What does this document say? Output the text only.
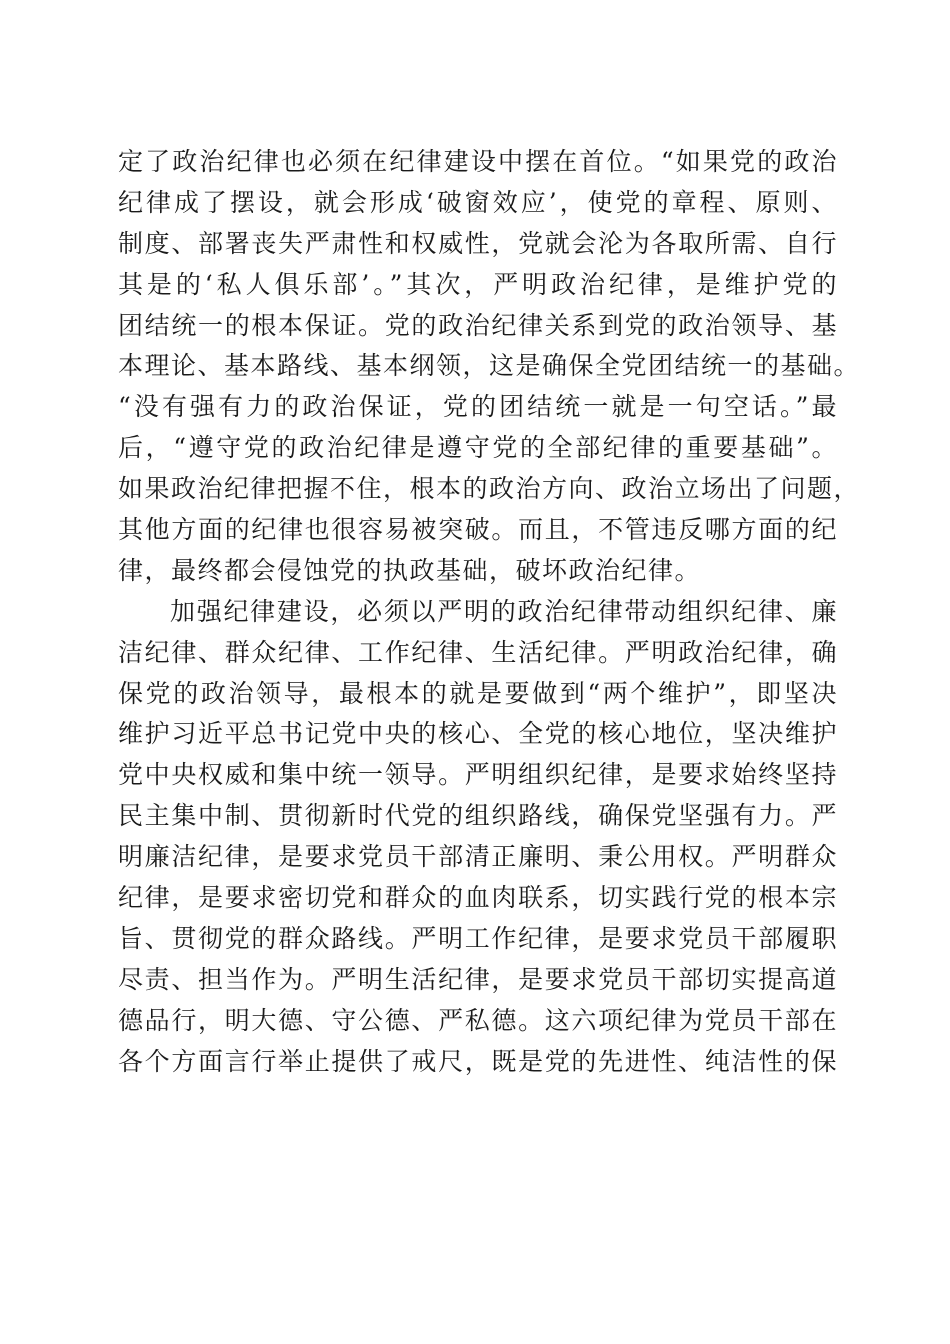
定了政治纪律也必须在纪律建设中摆在首位。“如果党的政治
纪律成了摆设，就会形成‘破窗效应’，使党的章程、原则、
制度、部署丧失严肃性和权威性，党就会沦为各取所需、自行
其是的‘私人俱乐部’。”其次，严明政治纪律，是维护党的
团结统一的根本保证。党的政治纪律关系到党的政治领导、基
本理论、基本路线、基本纲领，这是确保全党团结统一的基础。
“没有强有力的政治保证，党的团结统一就是一句空话。”最
后，“遵守党的政治纪律是遵守党的全部纪律的重要基础”。
如果政治纪律把握不住，根本的政治方向、政治立场出了问题，
其他方面的纪律也很容易被突破。而且，不管违反哪方面的纪
律，最终都会侵蚀党的执政基础，破坏政治纪律。
加强纪律建设，必须以严明的政治纪律带动组织纪律、廉
洁纪律、群众纪律、工作纪律、生活纪律。严明政治纪律，确
保党的政治领导，最根本的就是要做到“两个维护”，即坚决
维护习近平总书记党中央的核心、全党的核心地位，坚决维护
党中央权威和集中统一领导。严明组织纪律，是要求始终坚持
民主集中制、贯彻新时代党的组织路线，确保党坚强有力。严
明廉洁纪律，是要求党员干部清正廉明、秉公用权。严明群众
纪律，是要求密切党和群众的血肉联系，切实践行党的根本宗
旨、贯彻党的群众路线。严明工作纪律，是要求党员干部履职
尽责、担当作为。严明生活纪律，是要求党员干部切实提高道
德品行，明大德、守公德、严私德。这六项纪律为党员干部在
各个方面言行举止提供了戒尺，既是党的先进性、纯洁性的保
